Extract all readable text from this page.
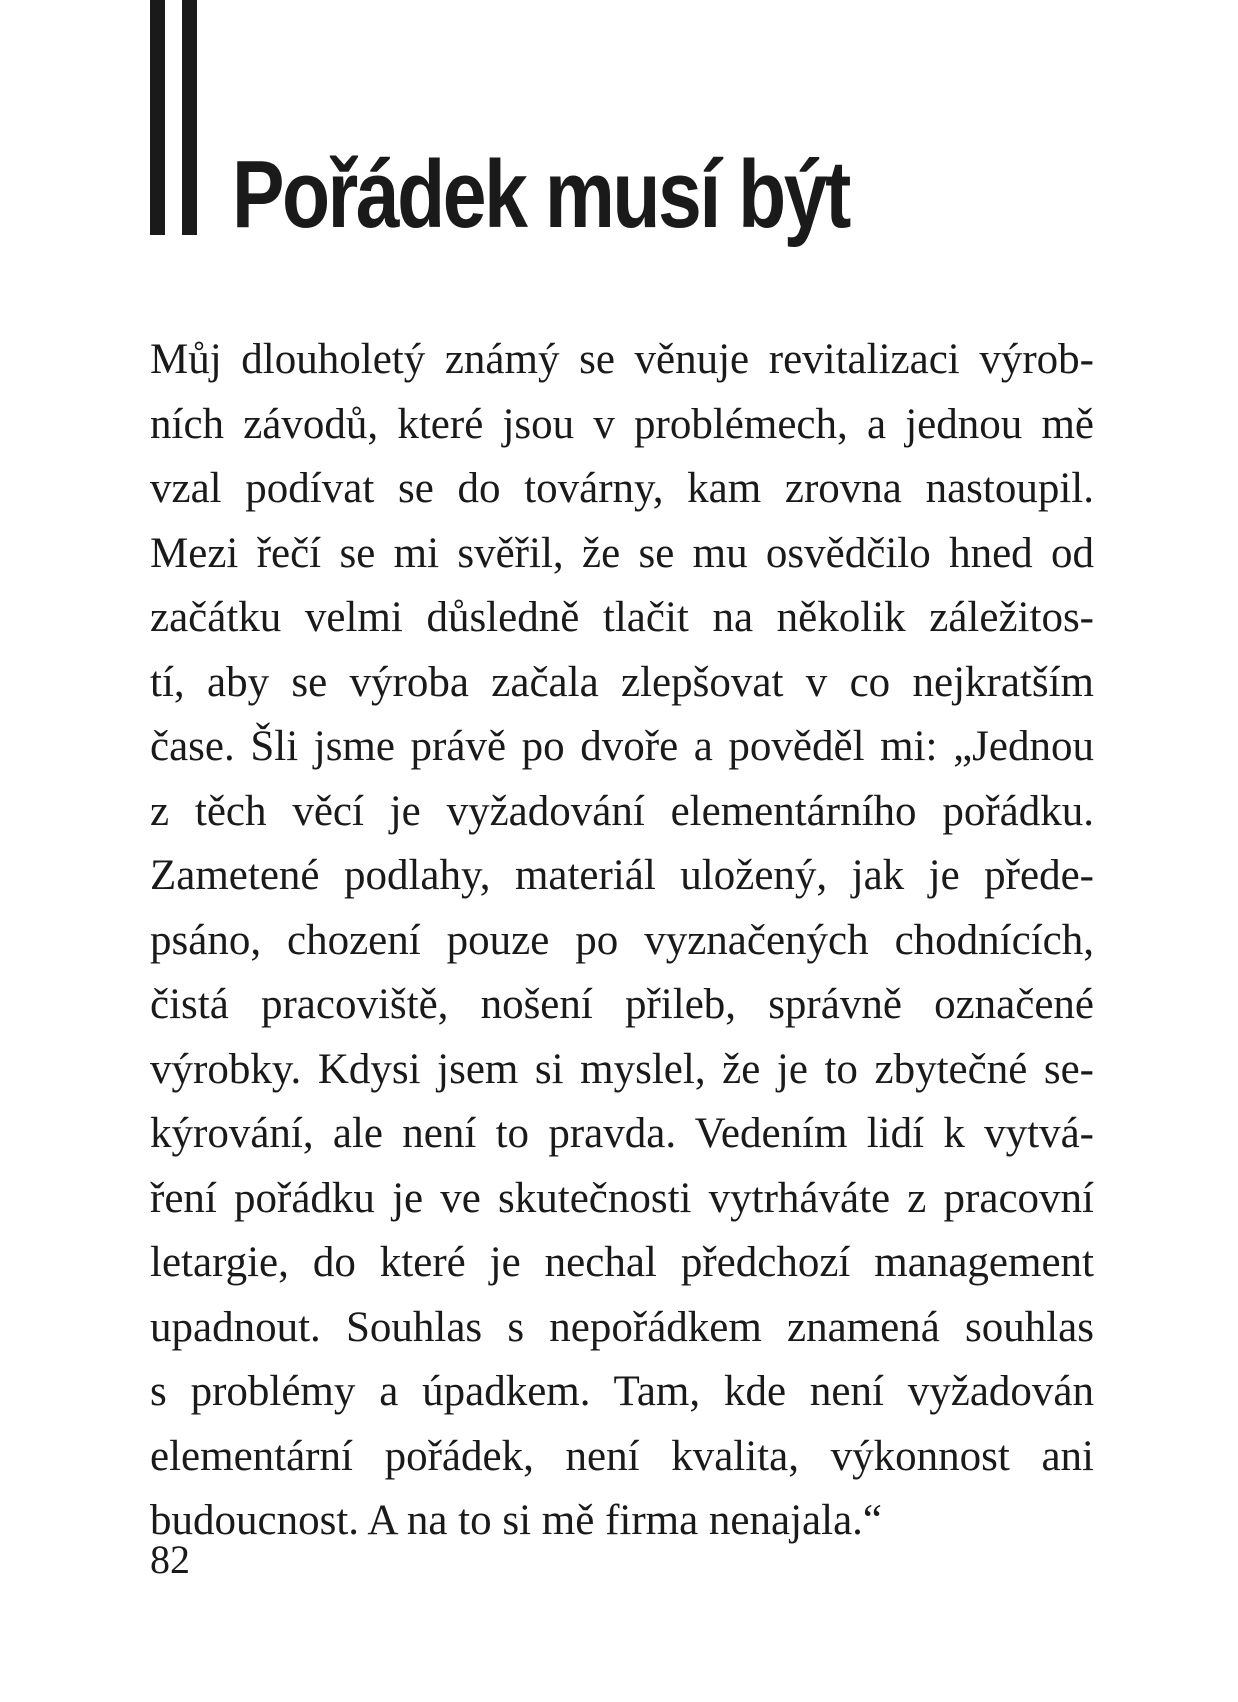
Pořádek musí být
Můj dlouholetý známý se věnuje revitalizaci výrob-
ních závodů, které jsou v problémech, a jednou mě
vzal podívat se do továrny, kam zrovna nastoupil.
Mezi řečí se mi svěřil, že se mu osvědčilo hned od
začátku velmi důsledně tlačit na několik záležitos-
tí, aby se výroba začala zlepšovat v co nejkratším
čase. Šli jsme právě po dvoře a pověděl mi: „Jednou
z těch věcí je vyžadování elementárního pořádku.
Zametené podlahy, materiál uložený, jak je přede-
psáno, chození pouze po vyznačených chodnících,
čistá pracoviště, nošení přileb, správně označené
výrobky. Kdysi jsem si myslel, že je to zbytečné se-
kýrování, ale není to pravda. Vedením lidí k vytvá-
ření pořádku je ve skutečnosti vytrháváte z pracovní
letargie, do které je nechal předchozí management
upadnout. Souhlas s nepořádkem znamená souhlas
s problémy a úpadkem. Tam, kde není vyžadován
elementární pořádek, není kvalita, výkonnost ani
budoucnost. A na to si mě firma nenajala.“
82
